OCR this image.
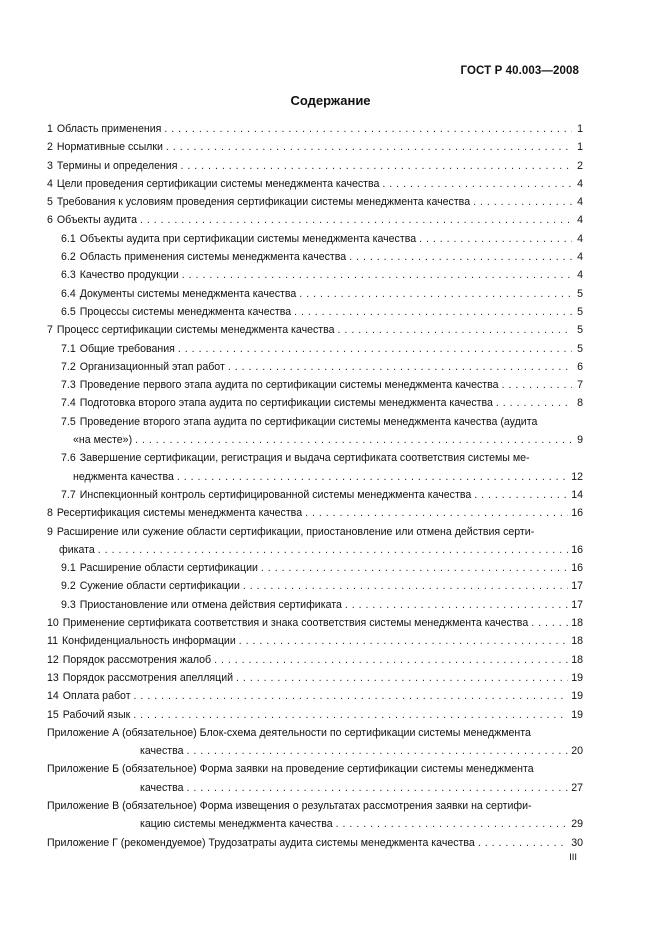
ГОСТ Р 40.003—2008
Содержание
1 Область применения . . .	1
2 Нормативные ссылки . . .	1
3 Термины и определения . . .	2
4 Цели проведения сертификации системы менеджмента качества . . .	4
5 Требования к условиям проведения сертификации системы менеджмента качества . . .	4
6 Объекты аудита . . .	4
6.1 Объекты аудита при сертификации системы менеджмента качества . . .	4
6.2 Область применения системы менеджмента качества . . .	4
6.3 Качество продукции . . .	4
6.4 Документы системы менеджмента качества . . .	5
6.5 Процессы системы менеджмента качества . . .	5
7 Процесс сертификации системы менеджмента качества . . .	5
7.1 Общие требования . . .	5
7.2 Организационный этап работ . . .	6
7.3 Проведение первого этапа аудита по сертификации системы менеджмента качества . . .	7
7.4 Подготовка второго этапа аудита по сертификации системы менеджмента качества . . .	8
7.5 Проведение второго этапа аудита по сертификации системы менеджмента качества (аудита
«на месте») . . .	9
7.6 Завершение сертификации, регистрация и выдача сертификата соответствия системы ме-
неджмента качества . . .	12
7.7 Инспекционный контроль сертифицированной системы менеджмента качества . . .	14
8 Ресертификация системы менеджмента качества . . .	16
9 Расширение или сужение области сертификации, приостановление или отмена действия серти-
фиката . . .	16
9.1 Расширение области сертификации . . .	16
9.2 Сужение области сертификации . . .	17
9.3 Приостановление или отмена действия сертификата . . .	17
10 Применение сертификата соответствия и знака соответствия системы менеджмента качества . . .	18
11 Конфиденциальность информации . . .	18
12 Порядок рассмотрения жалоб . . .	18
13 Порядок рассмотрения апелляций . . .	19
14 Оплата работ . . .	19
15 Рабочий язык . . .	19
Приложение А (обязательное) Блок-схема деятельности по сертификации системы менеджмента
качества . . .	20
Приложение Б (обязательное) Форма заявки на проведение сертификации системы менеджмента
качества . . .	27
Приложение В (обязательное) Форма извещения о результатах рассмотрения заявки на сертифи-
кацию системы менеджмента качества . . .	29
Приложение Г (рекомендуемое) Трудозатраты аудита системы менеджмента качества . . .	30
III
